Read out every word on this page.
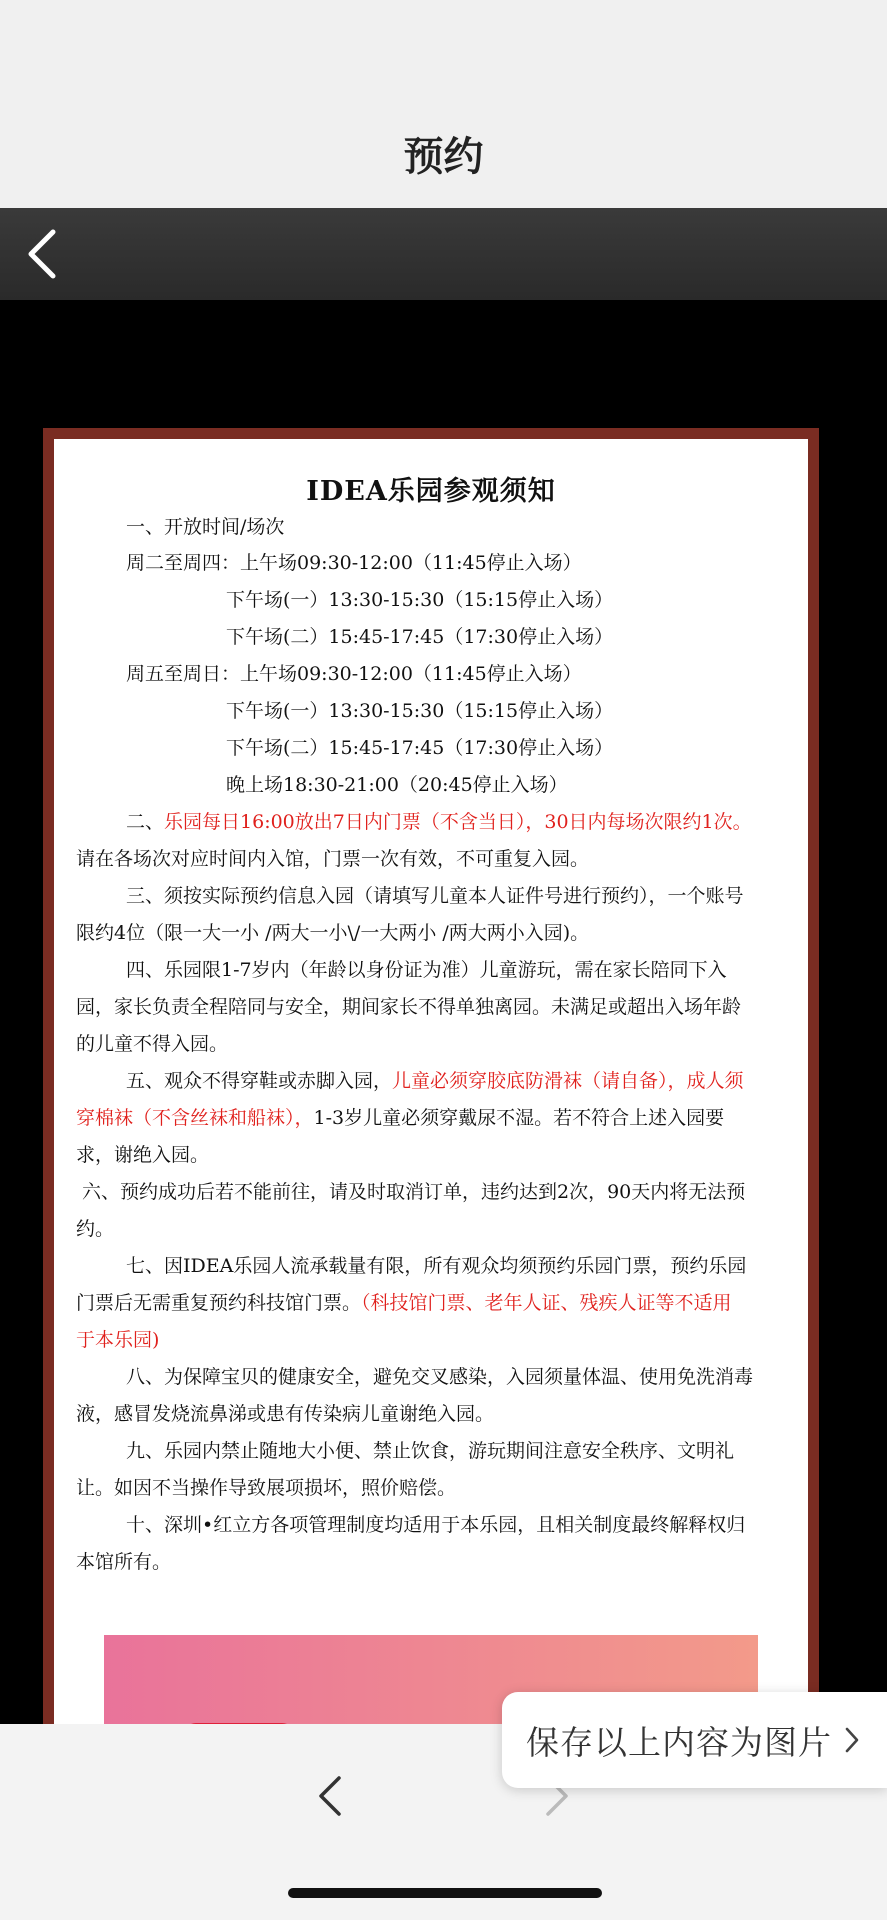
预约
IDEA乐园参观须知
一、开放时间/场次
周二至周四：上午场09:30-12:00（11:45停止入场）
下午场(一）13:30-15:30（15:15停止入场）
下午场(二）15:45-17:45（17:30停止入场）
周五至周日：上午场09:30-12:00（11:45停止入场）
下午场(一）13:30-15:30（15:15停止入场）
下午场(二）15:45-17:45（17:30停止入场）
晚上场18:30-21:00（20:45停止入场）
二、乐园每日16:00放出7日内门票（不含当日），30日内每场次限约1次。
请在各场次对应时间内入馆，门票一次有效，不可重复入园。
三、须按实际预约信息入园（请填写儿童本人证件号进行预约），一个账号
限约4位（限一大一小 /两大一小\/一大两小 /两大两小入园)。
四、乐园限1-7岁内（年龄以身份证为准）儿童游玩，需在家长陪同下入
园，家长负责全程陪同与安全，期间家长不得单独离园。未满足或超出入场年龄
的儿童不得入园。
五、观众不得穿鞋或赤脚入园，儿童必须穿胶底防滑袜（请自备），成人须
穿棉袜（不含丝袜和船袜），1-3岁儿童必须穿戴尿不湿。若不符合上述入园要
求，谢绝入园。
六、预约成功后若不能前往，请及时取消订单，违约达到2次，90天内将无法预
约。
七、因IDEA乐园人流承载量有限，所有观众均须预约乐园门票，预约乐园
门票后无需重复预约科技馆门票。（科技馆门票、老年人证、残疾人证等不适用
于本乐园)
八、为保障宝贝的健康安全，避免交叉感染，入园须量体温、使用免洗消毒
液，感冒发烧流鼻涕或患有传染病儿童谢绝入园。
九、乐园内禁止随地大小便、禁止饮食，游玩期间注意安全秩序、文明礼
让。如因不当操作导致展项损坏，照价赔偿。
十、深圳•红立方各项管理制度均适用于本乐园，且相关制度最终解释权归
本馆所有。
保存以上内容为图片
